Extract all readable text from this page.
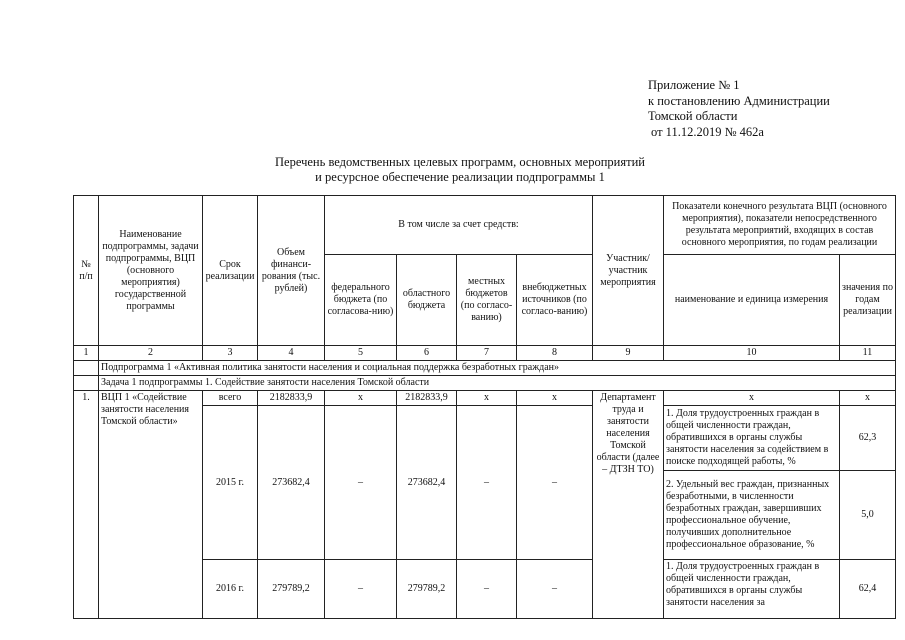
Приложение № 1
к постановлению Администрации
Томской области
от 11.12.2019 № 462а
Перечень ведомственных целевых программ, основных мероприятий
и ресурсное обеспечение реализации подпрограммы 1
№ п/п	Наименование подпрограммы, задачи подпрограммы, ВЦП (основного мероприятия) государственной программы	Срок реализации	Объем финанси-рования (тыс. рублей)	В том числе за счет средств:				Участник/ участник мероприятия	Показатели конечного результата ВЦП (основного мероприятия), показатели непосредственного результата мероприятий, входящих в состав основного мероприятия, по годам реализации	
				федерального бюджета (по согласова-нию)	областного бюджета	местных бюджетов (по согласо-ванию)	внебюджетных источников (по согласо-ванию)		наименование и единица измерения	значения по годам реализации
1	2	3	4	5	6	7	8	9	10	11
	Подпрограмма 1 «Активная политика занятости населения и социальная поддержка безработных граждан»									
	Задача 1 подпрограммы 1. Содействие занятости населения Томской области									
1.	ВЦП 1 «Содействие занятости населения Томской области»	всего	2182833,9	х	2182833,9	х	х	Департамент труда и занятости населения Томской области (далее – ДТЗН ТО)	х	х
		2015 г.	273682,4	–	273682,4	–	–		1. Доля трудоустроенных граждан в общей численности граждан, обратившихся в органы службы занятости населения за содействием в поиске подходящей работы, %	62,3
									2. Удельный вес граждан, признанных безработными, в численности безработных граждан, завершивших профессиональное обучение, получивших дополнительное профессиональное образование, %	5,0
		2016 г.	279789,2	–	279789,2	–	–		1. Доля трудоустроенных граждан в общей численности граждан, обратившихся в органы службы занятости населения за	62,4
